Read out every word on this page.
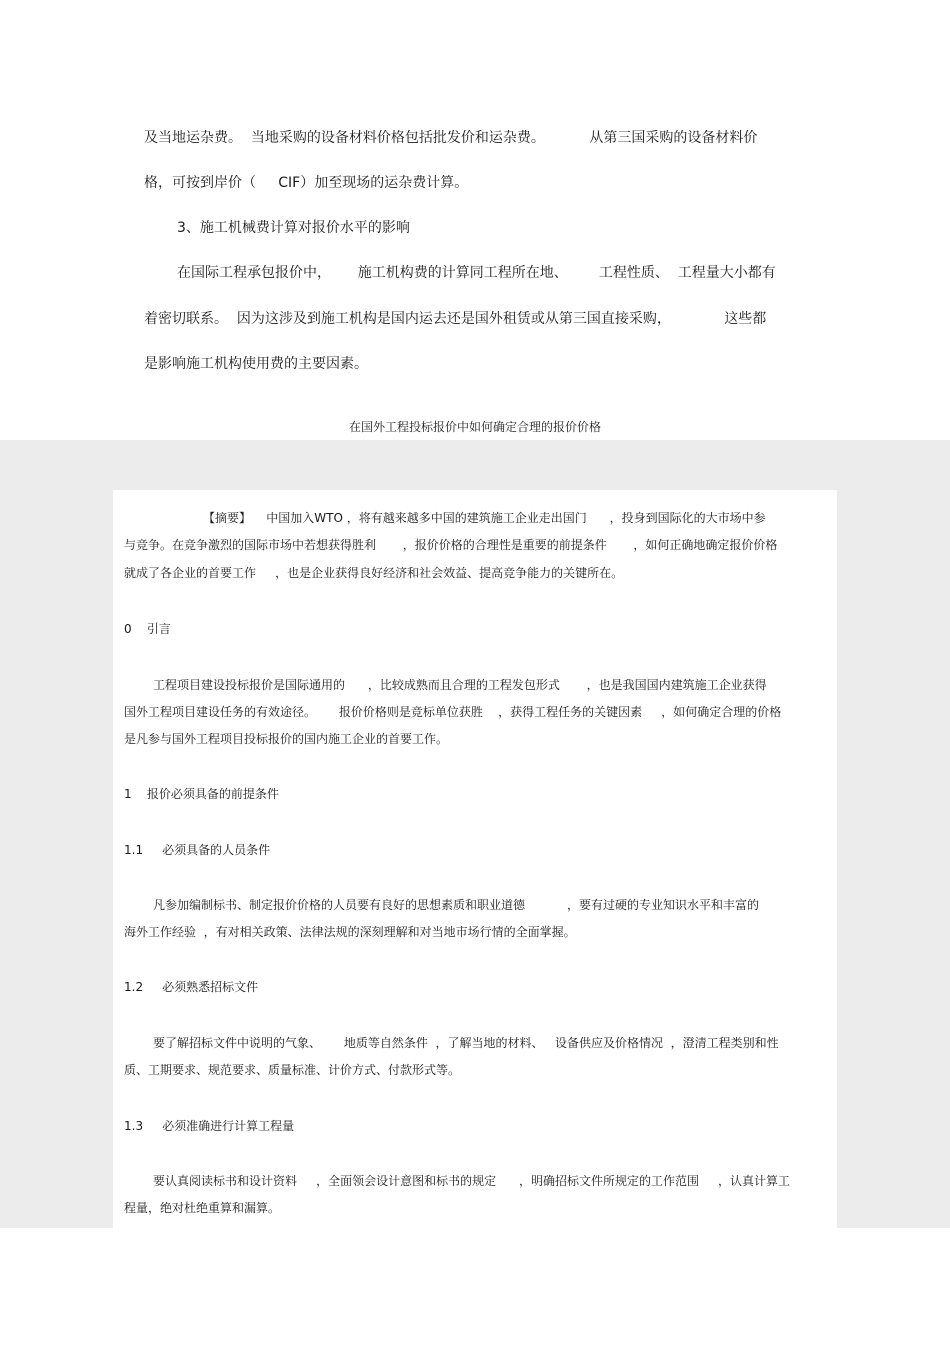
及当地运杂费。  当地采购的设备材料价格包括批发价和运杂费。          从第三国采购的设备材料价

格，可按到岸价（     CIF）加至现场的运杂费计算。

3、施工机械费计算对报价水平的影响

在国际工程承包报价中，      施工机构费的计算同工程所在地、       工程性质、  工程量大小都有

着密切联系。  因为这涉及到施工机构是国内运去还是国外租赁或从第三国直接采购，            这些都

是影响施工机构使用费的主要因素。

在国外工程投标报价中如何确定合理的报价价格

【摘要】    中国加入WTO ，将有越来越多中国的建筑施工企业走出国门      ，投身到国际化的大市场中参

与竞争。在竞争激烈的国际市场中若想获得胜利       ，报价价格的合理性是重要的前提条件       ，如何正确地确定报价价格

就成了各企业的首要工作     ，也是企业获得良好经济和社会效益、提高竞争能力的关键所在。

0    引言

工程项目建设投标报价是国际通用的      ，比较成熟而且合理的工程发包形式       ，也是我国国内建筑施工企业获得

国外工程项目建设任务的有效途径。      报价价格则是竞标单位获胜    ，获得工程任务的关键因素     ，如何确定合理的价格

是凡参与国外工程项目投标报价的国内施工企业的首要工作。

1    报价必须具备的前提条件

1.1     必须具备的人员条件

凡参加编制标书、制定报价价格的人员要有良好的思想素质和职业道德           ，要有过硬的专业知识水平和丰富的

海外工作经验  ，有对相关政策、法律法规的深刻理解和对当地市场行情的全面掌握。

1.2     必须熟悉招标文件

要了解招标文件中说明的气象、      地质等自然条件  ，了解当地的材料、   设备供应及价格情况  ，澄清工程类别和性

质、工期要求、规范要求、质量标准、计价方式、付款形式等。

1.3     必须准确进行计算工程量

要认真阅读标书和设计资料     ，全面领会设计意图和标书的规定      ，明确招标文件所规定的工作范围     ，认真计算工

程量，绝对杜绝重算和漏算。
